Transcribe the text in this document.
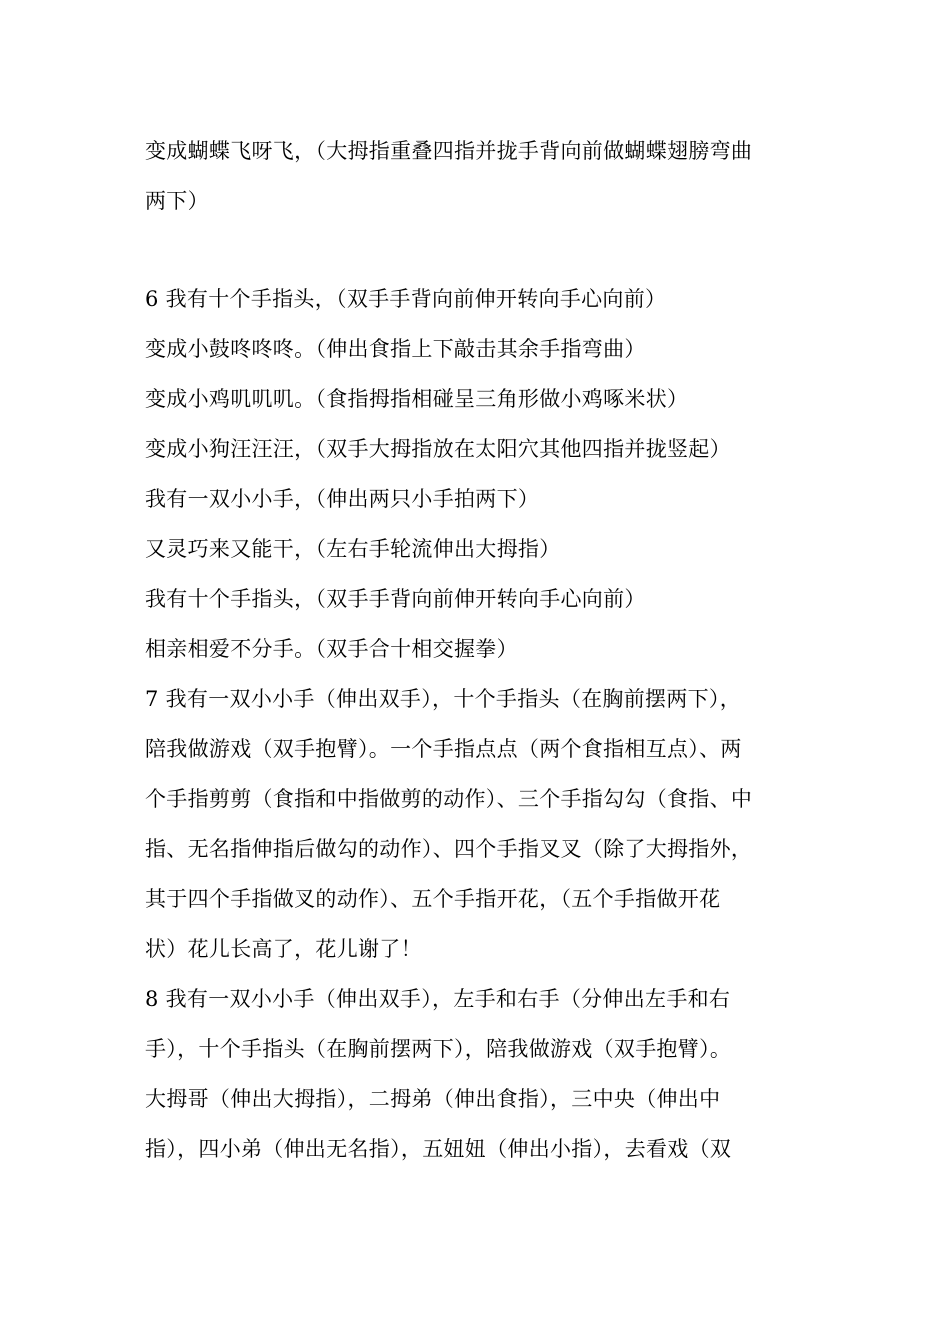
变成蝴蝶飞呀飞，（大拇指重叠四指并拢手背向前做蝴蝶翅膀弯曲
两下）
6 我有十个手指头，（双手手背向前伸开转向手心向前）
变成小鼓咚咚咚。（伸出食指上下敲击其余手指弯曲）
变成小鸡叽叽叽。（食指拇指相碰呈三角形做小鸡啄米状）
变成小狗汪汪汪，（双手大拇指放在太阳穴其他四指并拢竖起）
我有一双小小手，（伸出两只小手拍两下）
又灵巧来又能干，（左右手轮流伸出大拇指）
我有十个手指头，（双手手背向前伸开转向手心向前）
相亲相爱不分手。（双手合十相交握拳）
7 我有一双小小手（伸出双手），十个手指头（在胸前摆两下），
陪我做游戏（双手抱臂）。一个手指点点（两个食指相互点）、两
个手指剪剪（食指和中指做剪的动作）、三个手指勾勾（食指、中
指、无名指伸指后做勾的动作）、四个手指叉叉（除了大拇指外，
其于四个手指做叉的动作）、五个手指开花，（五个手指做开花
状）花儿长高了，花儿谢了！
8 我有一双小小手（伸出双手），左手和右手（分伸出左手和右
手），十个手指头（在胸前摆两下），陪我做游戏（双手抱臂）。
大拇哥（伸出大拇指），二拇弟（伸出食指），三中央（伸出中
指），四小弟（伸出无名指），五妞妞（伸出小指），去看戏（双
